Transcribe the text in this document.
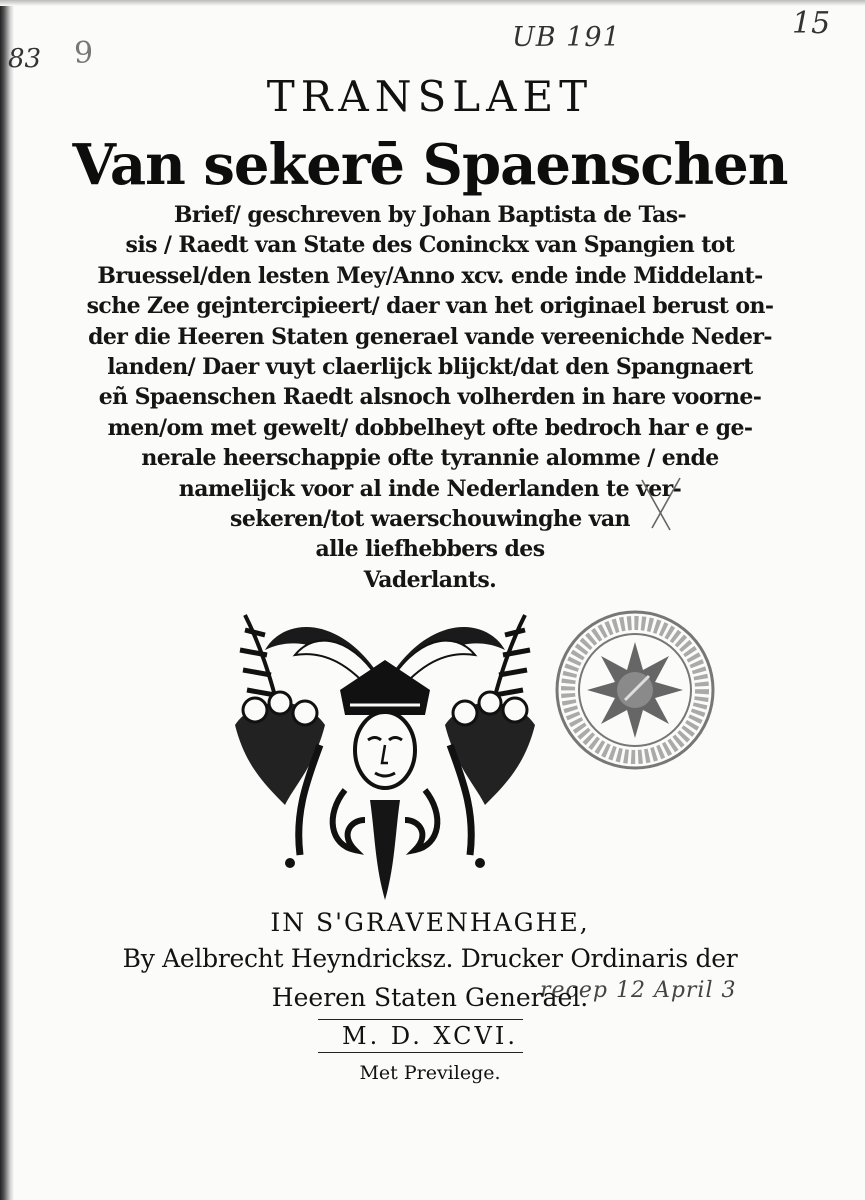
83 9	UB 191	15
recep 12 April 3
TRANSLAET
Van sekerē Spaenschen

Brief/ geschreven by Johan Baptista de Tas-

sis / Raedt van State des Coninckx van Spangien tot

Bruessel/den lesten Mey/Anno xcv. ende inde Middelant-

sche Zee gejntercipieert/ daer van het originael berust on-

der die Heeren Staten generael vande vereenichde Neder-

landen/ Daer vuyt claerlijck blijckt/dat den Spangnaert

eñ Spaenschen Raedt alsnoch volherden in hare voorne-

men/om met gewelt/ dobbelheyt ofte bedroch har e ge-

nerale heerschappie ofte tyrannie alomme / ende

namelijck voor al inde Nederlanden te ver-

sekeren/tot waerschouwinghe van

alle liefhebbers des

Vaderlants.

IN S'GRAVENHAGHE,
By Aelbrecht Heyndricksz. Drucker Ordinaris der
Heeren Staten Generael.
M. D. XCVI.
Met Previlege.
